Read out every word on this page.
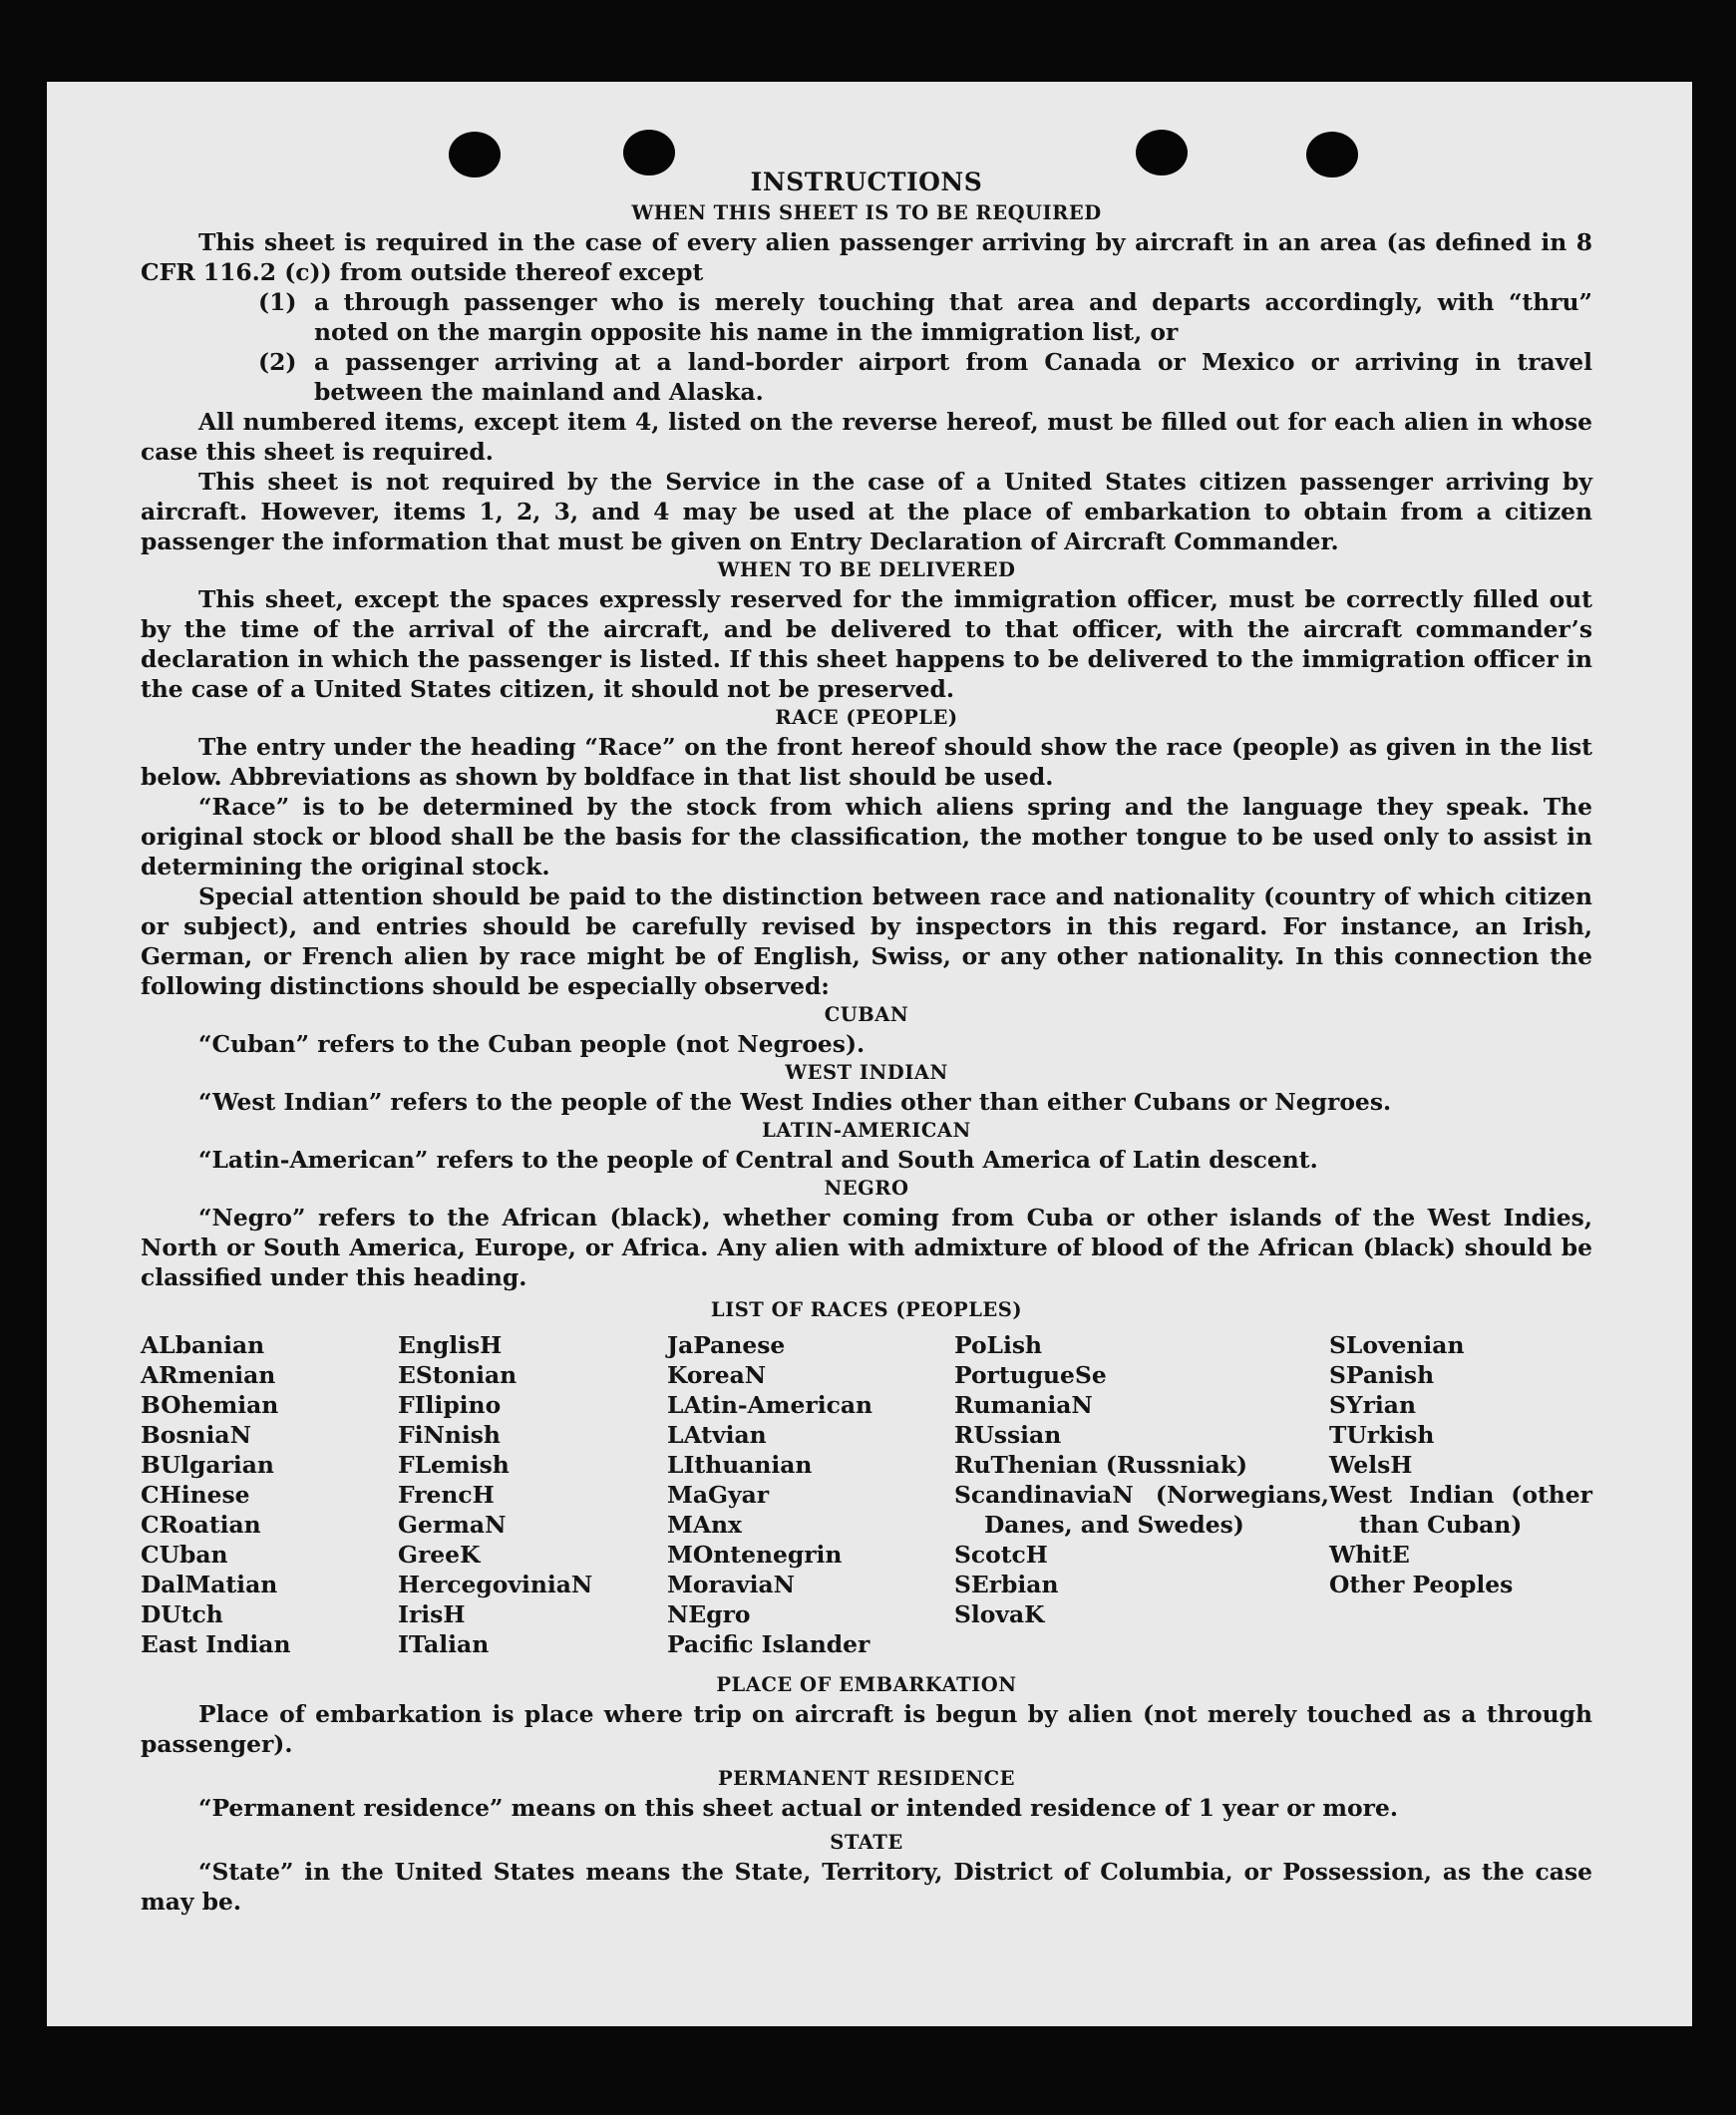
INSTRUCTIONS
WHEN THIS SHEET IS TO BE REQUIRED

This sheet is required in the case of every alien passenger arriving by aircraft in an area (as defined in 8 CFR 116.2 (c)) from outside thereof except

(1) a through passenger who is merely touching that area and departs accordingly, with “thru” noted on the margin opposite his name in the immigration list, or
(2) a passenger arriving at a land-border airport from Canada or Mexico or arriving in travel between the mainland and Alaska.

All numbered items, except item 4, listed on the reverse hereof, must be filled out for each alien in whose case this sheet is required.

This sheet is not required by the Service in the case of a United States citizen passenger arriving by aircraft. However, items 1, 2, 3, and 4 may be used at the place of embarkation to obtain from a citizen passenger the information that must be given on Entry Declaration of Aircraft Commander.

WHEN TO BE DELIVERED

This sheet, except the spaces expressly reserved for the immigration officer, must be correctly filled out by the time of the arrival of the aircraft, and be delivered to that officer, with the aircraft commander’s declaration in which the passenger is listed. If this sheet happens to be delivered to the immigration officer in the case of a United States citizen, it should not be preserved.

RACE (PEOPLE)

The entry under the heading “Race” on the front hereof should show the race (people) as given in the list below. Abbreviations as shown by boldface in that list should be used.

“Race” is to be determined by the stock from which aliens spring and the language they speak. The original stock or blood shall be the basis for the classification, the mother tongue to be used only to assist in determining the original stock.

Special attention should be paid to the distinction between race and nationality (country of which citizen or subject), and entries should be carefully revised by inspectors in this regard. For instance, an Irish, German, or French alien by race might be of English, Swiss, or any other nationality. In this connection the following distinctions should be especially observed:

CUBAN

“Cuban” refers to the Cuban people (not Negroes).

WEST INDIAN

“West Indian” refers to the people of the West Indies other than either Cubans or Negroes.

LATIN-AMERICAN

“Latin-American” refers to the people of Central and South America of Latin descent.

NEGRO

“Negro” refers to the African (black), whether coming from Cuba or other islands of the West Indies, North or South America, Europe, or Africa. Any alien with admixture of blood of the African (black) should be classified under this heading.

LIST OF RACES (PEOPLES)
ALbanian
ARmenian
BOhemian
BosniaN
BUlgarian
CHinese
CRoatian
CUban
DalMatian
DUtch
East Indian
EnglisH
EStonian
FIlipino
FiNnish
FLemish
FrencH
GermaN
GreeK
HercegoviniaN
IrisH
ITalian
JaPanese
KoreaN
LAtin-American
LAtvian
LIthuanian
MaGyar
MAnx
MOntenegrin
MoraviaN
NEgro
Pacific Islander
PoLish
PortugueSe
RumaniaN
RUssian
RuThenian (Russniak)
ScandinaviaN (Norwegians, Danes, and Swedes)
ScotcH
SErbian
SlovaK
SLovenian
SPanish
SYrian
TUrkish
WelsH
West Indian (other than Cuban)
WhitE
Other Peoples
PLACE OF EMBARKATION

Place of embarkation is place where trip on aircraft is begun by alien (not merely touched as a through passenger).

PERMANENT RESIDENCE

“Permanent residence” means on this sheet actual or intended residence of 1 year or more.

STATE

“State” in the United States means the State, Territory, District of Columbia, or Possession, as the case may be.
